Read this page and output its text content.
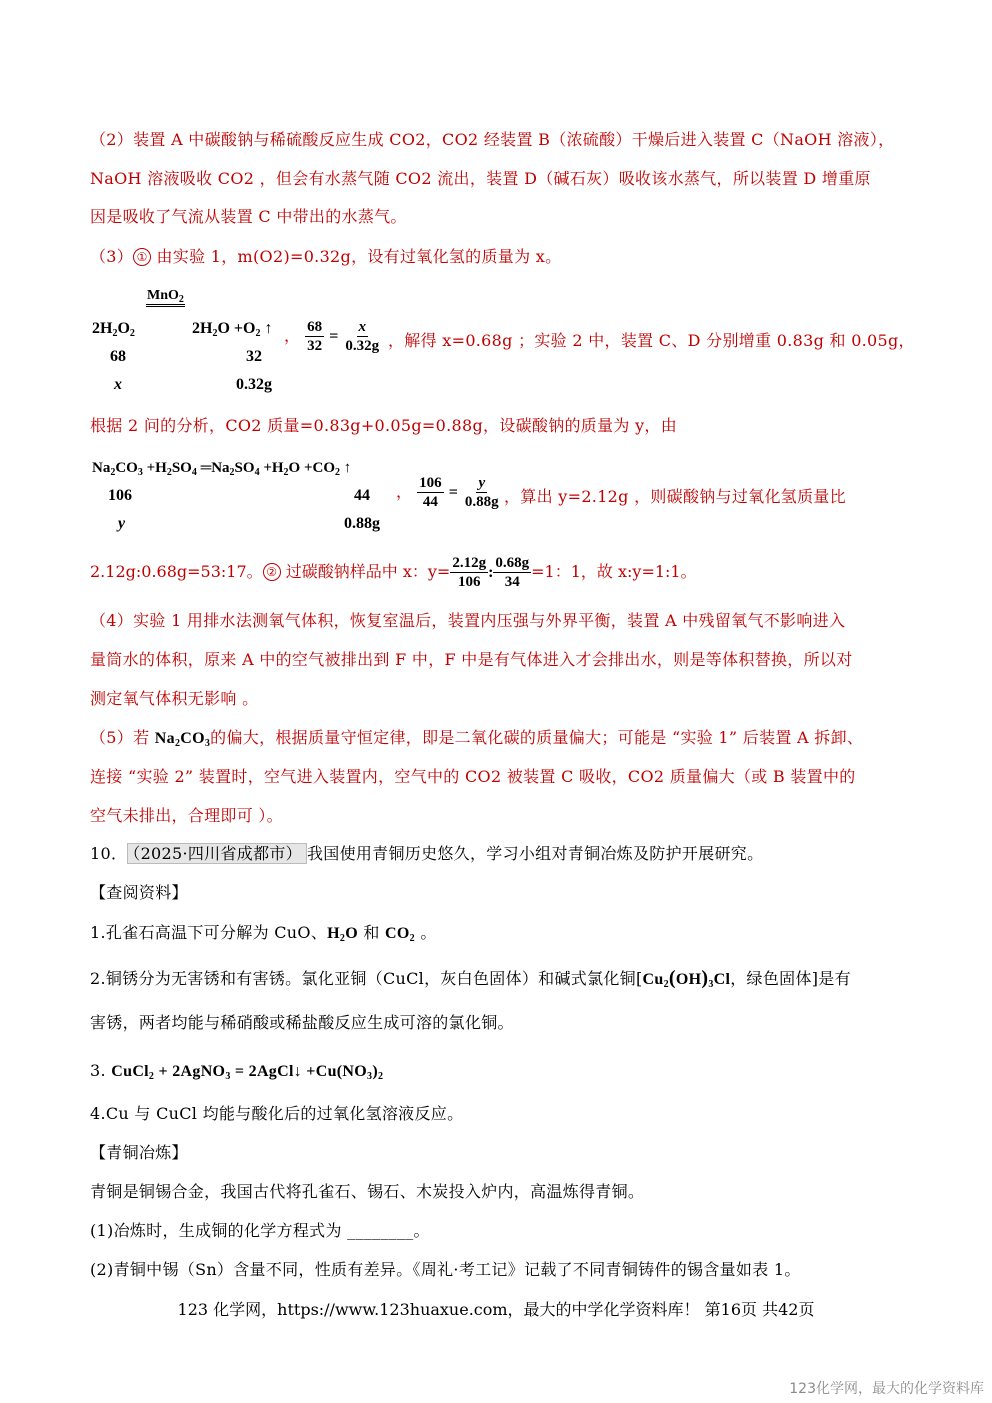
（2）装置 A 中碳酸钠与稀硫酸反应生成 CO2，CO2 经装置 B（浓硫酸）干燥后进入装置 C（NaOH 溶液），
NaOH 溶液吸收 CO2 ，但会有水蒸气随 CO2 流出，装置 D（碱石灰）吸收该水蒸气，所以装置 D 增重原
因是吸收了气流从装置 C 中带出的水蒸气。
（3） ① 由实验 1，m(O2)=0.32g，设有过氧化氢的质量为 x。
MnO$_2$
$2H_2O_2$	$2H_2O +O_2$ ↑
68	32
x	0.32g
， $\frac{68}{32} = \frac{x}{0.32g}$ ，解得 x=0.68g ；实验 2 中，装置 C、D 分别增重 0.83g 和 0.05g，
根据 2 问的分析，CO2 质量=0.83g+0.05g=0.88g，设碳酸钠的质量为 y，由
$Na_2CO_3 +H_2SO_4$ $═Na_2SO_4 +H_2O +CO_2$ ↑
106	44
y	0.88g
， $\frac{106}{44} = \frac{y}{0.88g}$ ，算出 y=2.12g ，则碳酸钠与过氧化氢质量比
2.12g:0.68g=53:17。 ② 过碳酸钠样品中 x：$y= \frac{2.12g}{106}$ : $\frac{0.68g}{34} =1$：1，故 x:y=1:1。
（4）实验 1 用排水法测氧气体积，恢复室温后，装置内压强与外界平衡，装置 A 中残留氧气不影响进入
量筒水的体积，原来 A 中的空气被排出到 F 中，F 中是有气体进入才会排出水，则是等体积替换，所以对
测定氧气体积无影响 。
（5）若 $Na_2CO_3$的偏大，根据质量守恒定律，即是二氧化碳的质量偏大；可能是 “实验 1” 后装置 A 拆卸、
连接 “实验 2” 装置时，空气进入装置内，空气中的 CO2 被装置 C 吸收，CO2 质量偏大（或 B 装置中的
空气未排出，合理即可 ）。
10． （2025·四川省成都市） 我国使用青铜历史悠久，学习小组对青铜冶炼及防护开展研究。
【查阅资料】
1.孔雀石高温下可分解为 CuO、$H_2O$ 和 $CO_2$ 。
2.铜锈分为无害锈和有害锈。氯化亚铜（CuCl，灰白色固体）和碱式氯化铜[$Cu_2(OH)_3Cl$，绿色固体]是有
害锈，两者均能与稀硝酸或稀盐酸反应生成可溶的氯化铜。
3. CuCl$_2$ + 2AgNO$_3$ = 2AgCl↓ $+Cu(NO_3)_2$
4.Cu 与 CuCl 均能与酸化后的过氧化氢溶液反应。
【青铜冶炼】
青铜是铜锡合金，我国古代将孔雀石、锡石、木炭投入炉内，高温炼得青铜。
(1)冶炼时，生成铜的化学方程式为 ________。
(2)青铜中锡（Sn）含量不同，性质有差异。《周礼·考工记》记载了不同青铜铸件的锡含量如表 1。
123 化学网，https://www.123huaxue.com，最大的中学化学资料库！ 第16页 共42页
123化学网，最大的化学资料库
